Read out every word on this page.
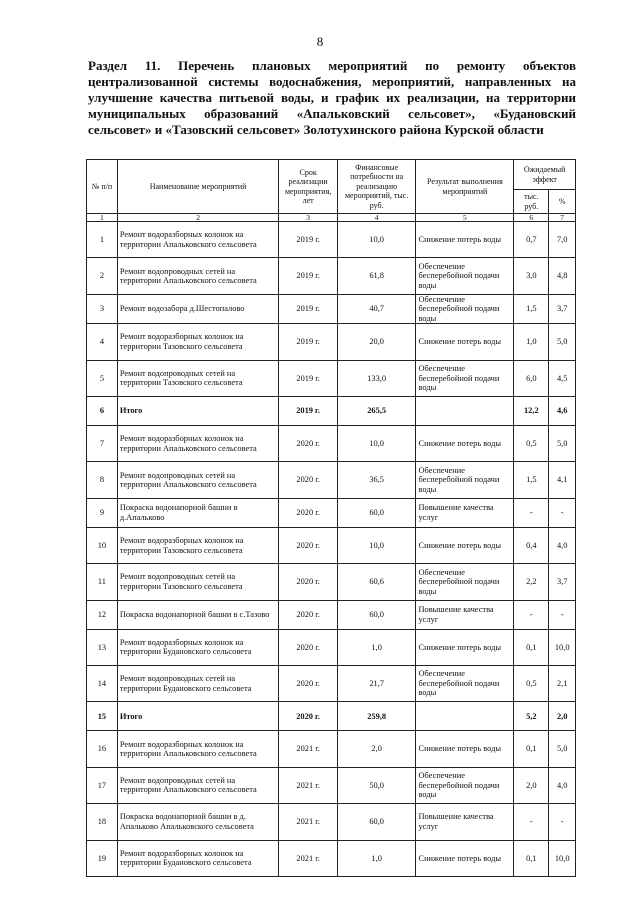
8
Раздел 11. Перечень плановых мероприятий по ремонту объектов централизованной системы водоснабжения, мероприятий, направленных на улучшение качества питьевой воды, и график их реализации, на территории муниципальных образований «Апальковский сельсовет», «Будановский сельсовет» и «Тазовский сельсовет» Золотухинского района Курской области
№ п/п	Наименование мероприятий	Срок реализации мероприятия, лет	Финансовые потребности на реализацию мероприятий, тыс. руб.	Результат выполнения мероприятий	Ожидаемый эффект	
					тыс. руб.	%
1	2	3	4	5	6	7
1	Ремонт водоразборных колонок на территории Апальковского сельсовета	2019 г.	10,0	Снижение потерь воды	0,7	7,0
2	Ремонт водопроводных сетей на территории Апальковского сельсовета	2019 г.	61,8	Обеспечение бесперебойной подачи воды	3,0	4,8
3	Ремонт водозабора д.Шестопалово	2019 г.	40,7	Обеспечение бесперебойной подачи воды	1,5	3,7
4	Ремонт водоразборных колонок на территории Тазовского сельсовета	2019 г.	20,0	Снижение потерь воды	1,0	5,0
5	Ремонт водопроводных сетей на территории Тазовского сельсовета	2019 г.	133,0	Обеспечение бесперебойной подачи воды	6,0	4,5
6	Итого	2019 г.	265,5		12,2	4,6
7	Ремонт водоразборных колонок на территории Апальковского сельсовета	2020 г.	10,0	Снижение потерь воды	0,5	5,0
8	Ремонт водопроводных сетей на территории Апальковского сельсовета	2020 г.	36,5	Обеспечение бесперебойной подачи воды	1,5	4,1
9	Покраска водонапорной башни в д.Апальково	2020 г.	60,0	Повышение качества услуг	-	-
10	Ремонт водоразборных колонок на территории Тазовского сельсовета	2020 г.	10,0	Снижение потерь воды	0,4	4,0
11	Ремонт водопроводных сетей на территории Тазовского сельсовета	2020 г.	60,6	Обеспечение бесперебойной подачи воды	2,2	3,7
12	Покраска водонапорной башни в с.Тазово	2020 г.	60,0	Повышение качества услуг	-	-
13	Ремонт водоразборных колонок на территории Будановского сельсовета	2020 г.	1,0	Снижение потерь воды	0,1	10,0
14	Ремонт водопроводных сетей на территории Будановского сельсовета	2020 г.	21,7	Обеспечение бесперебойной подачи воды	0,5	2,1
15	Итого	2020 г.	259,8		5,2	2,0
16	Ремонт водоразборных колонок на территории Апальковского сельсовета	2021 г.	2,0	Снижение потерь воды	0,1	5,0
17	Ремонт водопроводных сетей на территории Апальковского сельсовета	2021 г.	50,0	Обеспечение бесперебойной подачи воды	2,0	4,0
18	Покраска водонапорной башни в д. Апальково Апальковского сельсовета	2021 г.	60,0	Повышение качества услуг	-	-
19	Ремонт водоразборных колонок на территории Будановского сельсовета	2021 г.	1,0	Снижение потерь воды	0,1	10,0
